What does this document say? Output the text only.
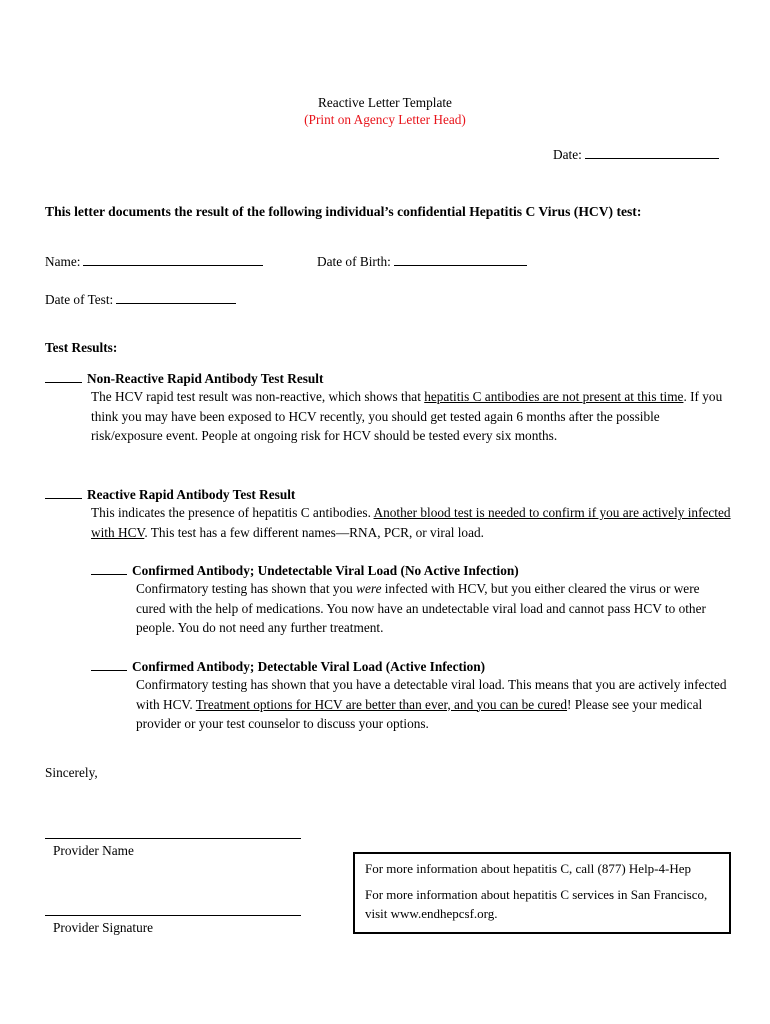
Reactive Letter Template
(Print on Agency Letter Head)
Date:
This letter documents the result of the following individual’s confidential Hepatitis C Virus (HCV) test:
Name:	Date of Birth:
Date of Test:
Test Results:
Non-Reactive Rapid Antibody Test Result
The HCV rapid test result was non-reactive, which shows that hepatitis C antibodies are not present at this time. If you think you may have been exposed to HCV recently, you should get tested again 6 months after the possible risk/exposure event. People at ongoing risk for HCV should be tested every six months.
Reactive Rapid Antibody Test Result
This indicates the presence of hepatitis C antibodies. Another blood test is needed to confirm if you are actively infected with HCV. This test has a few different names—RNA, PCR, or viral load.
Confirmed Antibody; Undetectable Viral Load (No Active Infection)
Confirmatory testing has shown that you were infected with HCV, but you either cleared the virus or were cured with the help of medications. You now have an undetectable viral load and cannot pass HCV to other people. You do not need any further treatment.
Confirmed Antibody; Detectable Viral Load (Active Infection)
Confirmatory testing has shown that you have a detectable viral load. This means that you are actively infected with HCV. Treatment options for HCV are better than ever, and you can be cured! Please see your medical provider or your test counselor to discuss your options.
Sincerely,
Provider Name
Provider Signature

For more information about hepatitis C, call (877) Help-4-Hep

For more information about hepatitis C services in San Francisco, visit www.endhepcsf.org.
